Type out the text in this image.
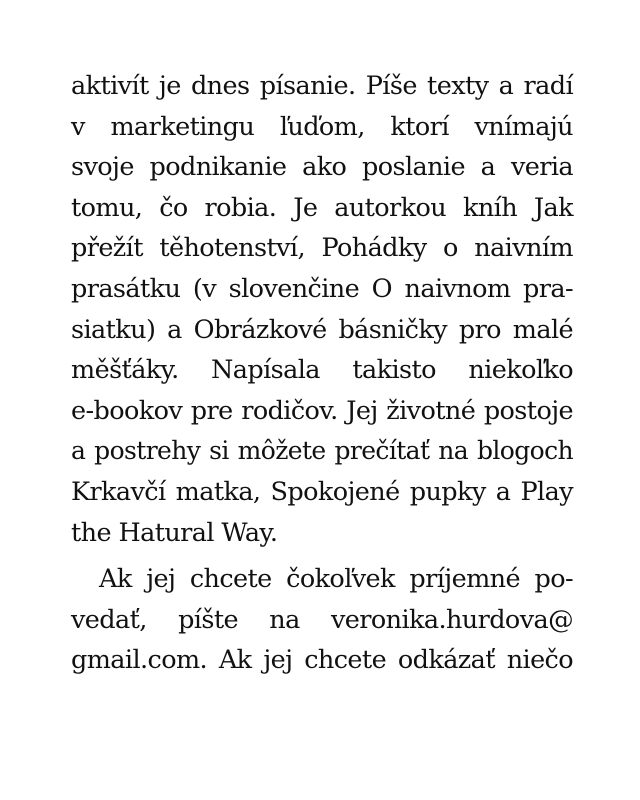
aktivít je dnes písanie. Píše texty a radí
v marketingu ľuďom, ktorí vnímajú
svoje podnikanie ako poslanie a veria
tomu, čo robia. Je autorkou kníh Jak
přežít těhotenství, Pohádky o naivním
prasátku (v slovenčine O naivnom pra-
siatku) a Obrázkové básničky pro malé
měšťáky. Napísala takisto niekoľko
e-bookov pre rodičov. Jej životné postoje
a postrehy si môžete prečítať na blogoch
Krkavčí matka, Spokojené pupky a Play
the Hatural Way.
Ak jej chcete čokoľvek príjemné po-
vedať, píšte na veronika.hurdova@
gmail.com. Ak jej chcete odkázať niečo
